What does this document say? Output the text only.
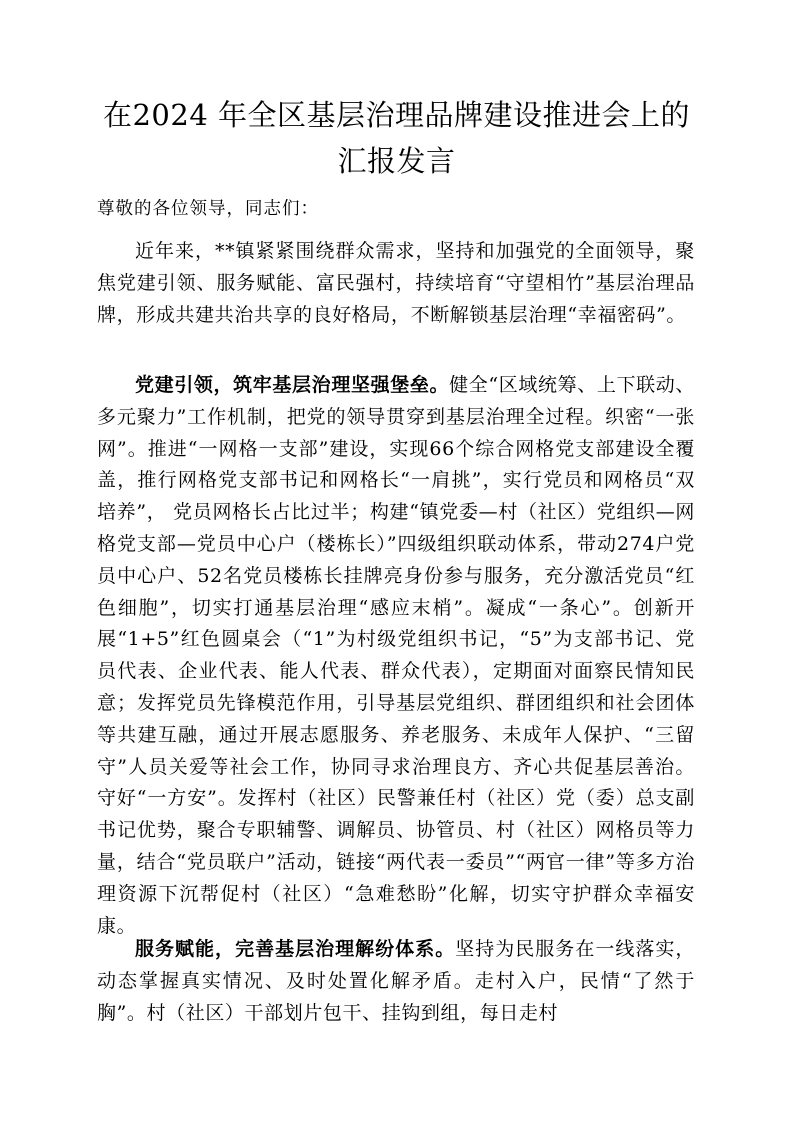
在2024 年全区基层治理品牌建设推进会上的
汇报发言
尊敬的各位领导，同志们：

近年来，**镇紧紧围绕群众需求，坚持和加强党的全面领导，聚焦党建引领、服务赋能、富民强村，持续培育“守望相竹”基层治理品牌，形成共建共治共享的良好格局，不断解锁基层治理“幸福密码”。

党建引领，筑牢基层治理坚强堡垒。健全“区域统筹、上下联动、多元聚力”工作机制，把党的领导贯穿到基层治理全过程。织密“一张网”。推进“一网格一支部”建设，实现66个综合网格党支部建设全覆盖，推行网格党支部书记和网格长“一肩挑”，实行党员和网格员“双培养”， 党员网格长占比过半；构建“镇党委—村（社区）党组织—网格党支部—党员中心户（楼栋长）”四级组织联动体系，带动274户党员中心户、52名党员楼栋长挂牌亮身份参与服务，充分激活党员“红色细胞”，切实打通基层治理“感应末梢”。凝成“一条心”。创新开展“1+5”红色圆桌会（“1”为村级党组织书记，“5”为支部书记、党员代表、企业代表、能人代表、群众代表），定期面对面察民情知民意；发挥党员先锋模范作用，引导基层党组织、群团组织和社会团体等共建互融，通过开展志愿服务、养老服务、未成年人保护、“三留守”人员关爱等社会工作，协同寻求治理良方、齐心共促基层善治。守好“一方安”。发挥村（社区）民警兼任村（社区）党（委）总支副书记优势，聚合专职辅警、调解员、协管员、村（社区）网格员等力量，结合“党员联户”活动，链接“两代表一委员”“两官一律”等多方治理资源下沉帮促村（社区）“急难愁盼”化解，切实守护群众幸福安康。

服务赋能，完善基层治理解纷体系。坚持为民服务在一线落实，动态掌握真实情况、及时处置化解矛盾。走村入户，民情“了然于胸”。村（社区）干部划片包干、挂钩到组，每日走村
